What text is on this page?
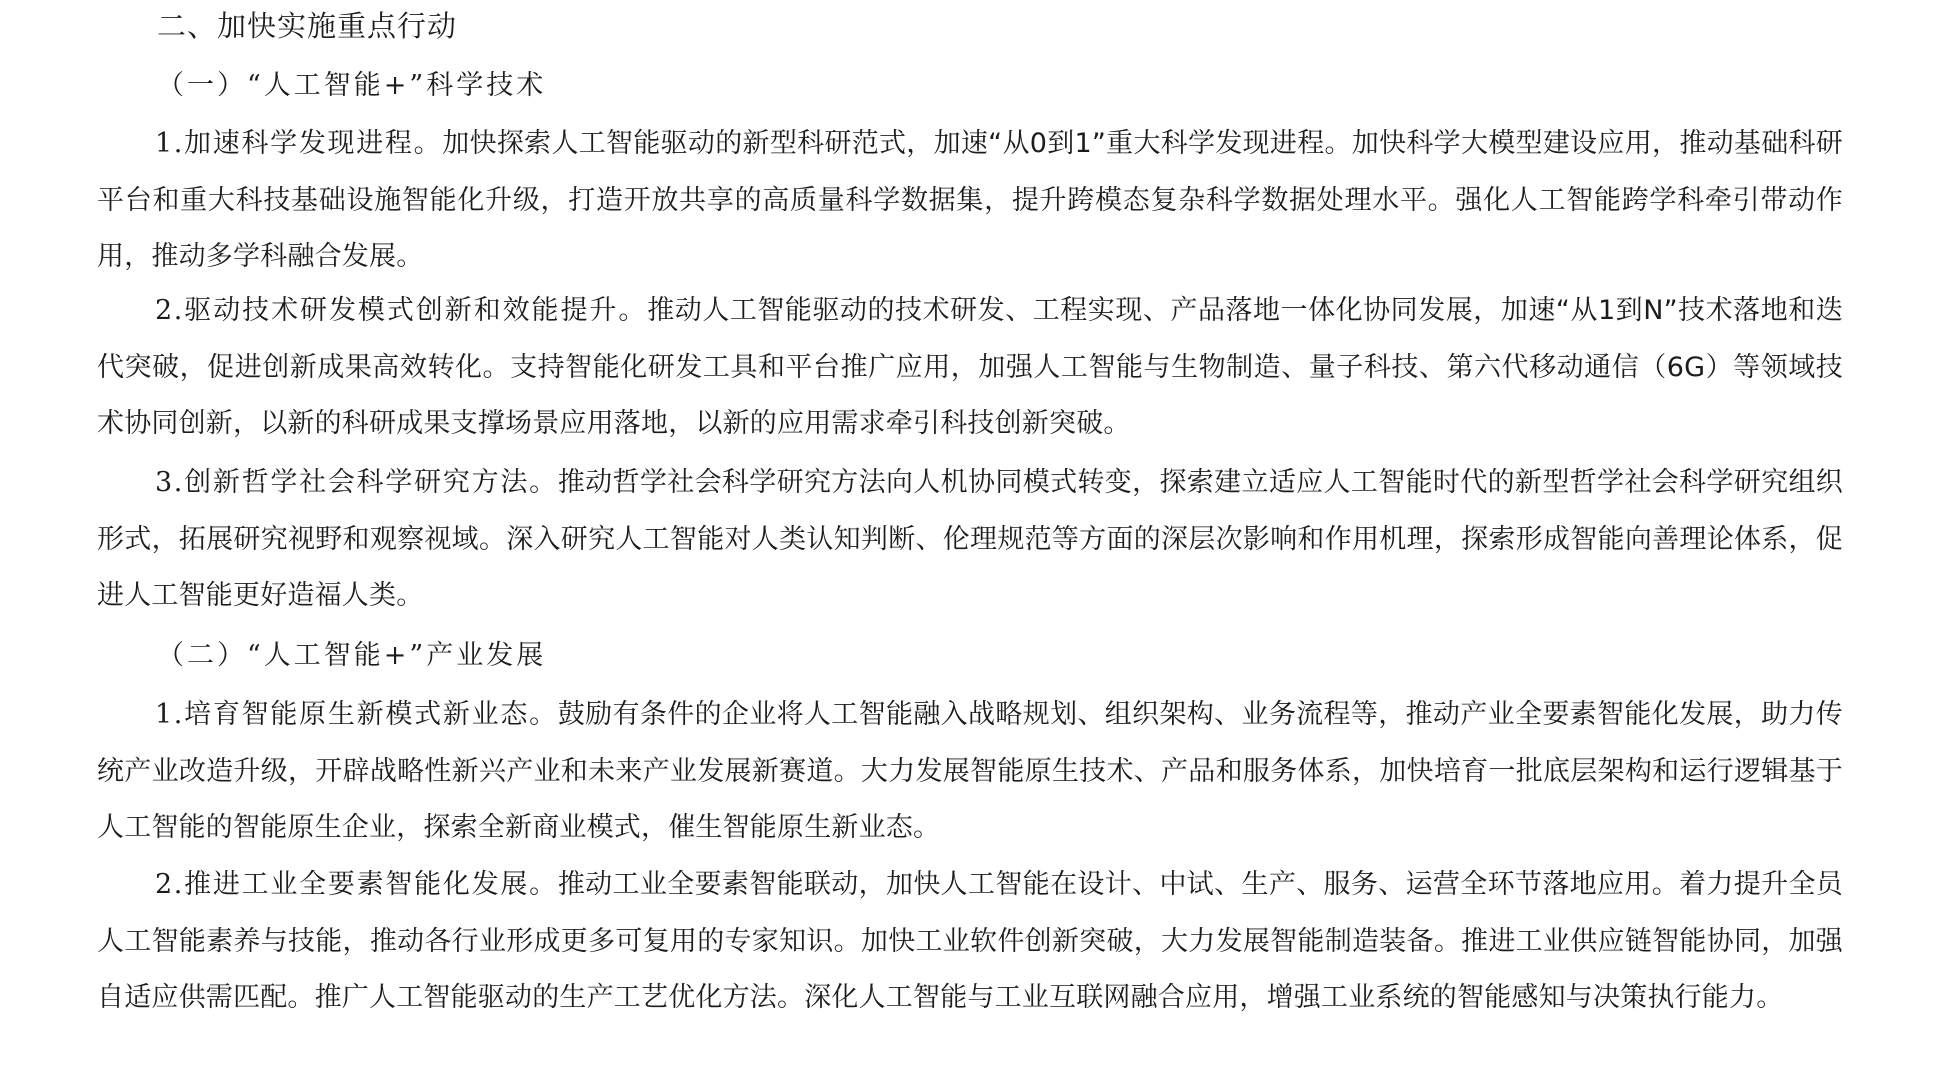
二、加快实施重点行动
（一）“人工智能+”科学技术

1.加速科学发现进程。加快探索人工智能驱动的新型科研范式，加速“从0到1”重大科学发现进程。加快科学大模型建设应用，推动基础科研平台和重大科技基础设施智能化升级，打造开放共享的高质量科学数据集，提升跨模态复杂科学数据处理水平。强化人工智能跨学科牵引带动作用，推动多学科融合发展。

2.驱动技术研发模式创新和效能提升。推动人工智能驱动的技术研发、工程实现、产品落地一体化协同发展，加速“从1到N”技术落地和迭代突破，促进创新成果高效转化。支持智能化研发工具和平台推广应用，加强人工智能与生物制造、量子科技、第六代移动通信（6G）等领域技术协同创新，以新的科研成果支撑场景应用落地，以新的应用需求牵引科技创新突破。

3.创新哲学社会科学研究方法。推动哲学社会科学研究方法向人机协同模式转变，探索建立适应人工智能时代的新型哲学社会科学研究组织形式，拓展研究视野和观察视域。深入研究人工智能对人类认知判断、伦理规范等方面的深层次影响和作用机理，探索形成智能向善理论体系，促进人工智能更好造福人类。

（二）“人工智能+”产业发展

1.培育智能原生新模式新业态。鼓励有条件的企业将人工智能融入战略规划、组织架构、业务流程等，推动产业全要素智能化发展，助力传统产业改造升级，开辟战略性新兴产业和未来产业发展新赛道。大力发展智能原生技术、产品和服务体系，加快培育一批底层架构和运行逻辑基于人工智能的智能原生企业，探索全新商业模式，催生智能原生新业态。

2.推进工业全要素智能化发展。推动工业全要素智能联动，加快人工智能在设计、中试、生产、服务、运营全环节落地应用。着力提升全员人工智能素养与技能，推动各行业形成更多可复用的专家知识。加快工业软件创新突破，大力发展智能制造装备。推进工业供应链智能协同，加强自适应供需匹配。推广人工智能驱动的生产工艺优化方法。深化人工智能与工业互联网融合应用，增强工业系统的智能感知与决策执行能力。
